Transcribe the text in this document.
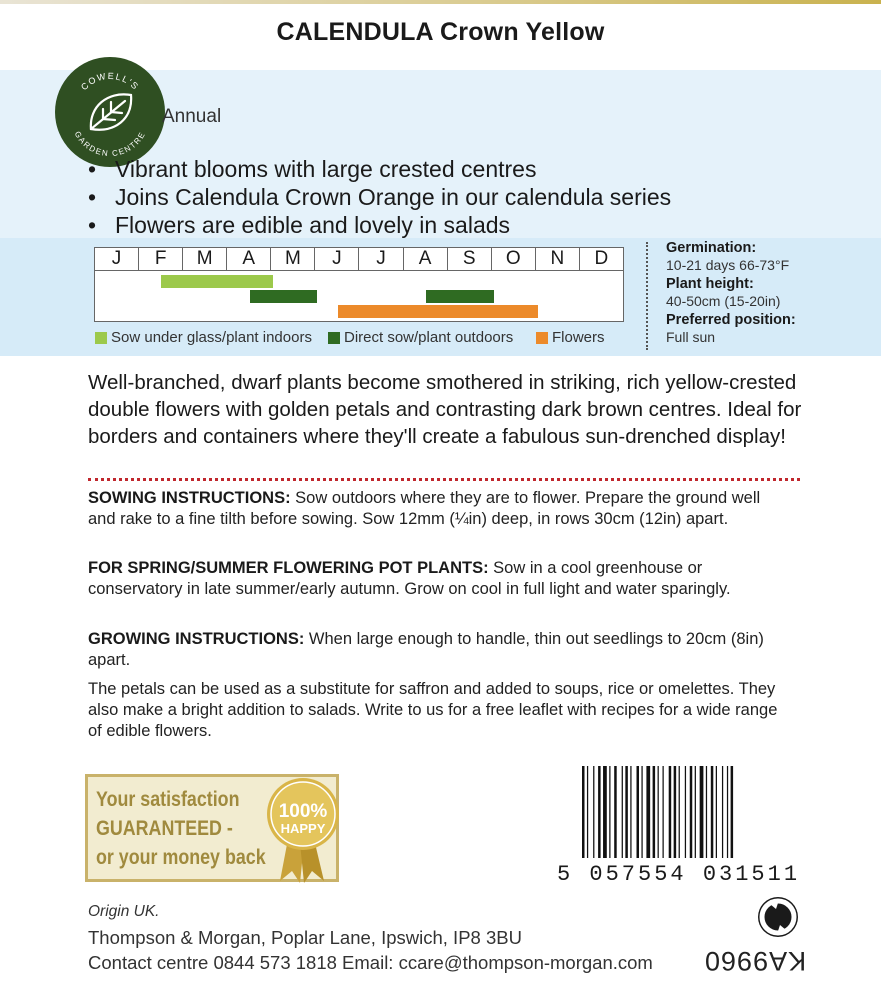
CALENDULA Crown Yellow
COWELL'S
GARDEN CENTRE
Annual
• Vibrant blooms with large crested centres
• Joins Calendula Crown Orange in our calendula series
• Flowers are edible and lovely in salads
J	F	M	A	M	J	J	A	S	O	N	D
Sow under glass/plant indoors Direct sow/plant outdoors	Flowers
Germination:
10-21 days 66-73°F
Plant height:
40-50cm (15-20in)
Preferred position:
Full sun
Well-branched, dwarf plants become smothered in striking, rich yellow-crested double flowers with golden petals and contrasting dark brown centres. Ideal for borders and containers where they'll create a fabulous sun-drenched display!
SOWING INSTRUCTIONS: Sow outdoors where they are to flower. Prepare the ground well and rake to a fine tilth before sowing. Sow 12mm (¼in) deep, in rows 30cm (12in) apart.
FOR SPRING/SUMMER FLOWERING POT PLANTS: Sow in a cool greenhouse or conservatory in late summer/early autumn. Grow on cool in full light and water sparingly.
GROWING INSTRUCTIONS: When large enough to handle, thin out seedlings to 20cm (8in) apart.
The petals can be used as a substitute for saffron and added to soups, rice or omelettes. They also make a bright addition to salads. Write to us for a free leaflet with recipes for a wide range of edible flowers.
Your satisfaction
GUARANTEED -
or your money back
100%
HAPPY
5 057554 031511
Origin UK.
Thompson & Morgan, Poplar Lane, Ipswich, IP8 3BU
Contact centre 0844 573 1818 Email: ccare@thompson-morgan.com KA9960
